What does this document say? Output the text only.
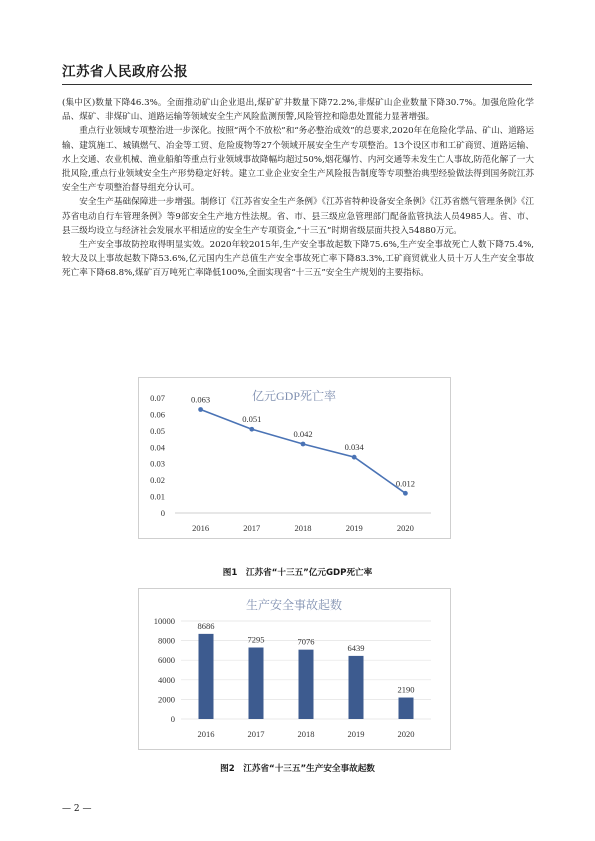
江苏省人民政府公报

(集中区)数量下降46.3%。全面推动矿山企业退出,煤矿矿井数量下降72.2%,非煤矿山企业数量下降30.7%。加强危险化学品、煤矿、非煤矿山、道路运输等领域安全生产风险监测预警,风险管控和隐患处置能力显著增强。

重点行业领域专项整治进一步深化。按照“两个不放松”和“务必整治成效”的总要求,2020年在危险化学品、矿山、道路运输、建筑施工、城镇燃气、冶金等工贸、危险废物等27个领域开展安全生产专项整治。13个设区市和工矿商贸、道路运输、水上交通、农业机械、渔业船舶等重点行业领域事故降幅均超过50%,烟花爆竹、内河交通等未发生亡人事故,防范化解了一大批风险,重点行业领域安全生产形势稳定好转。建立工业企业安全生产风险报告制度等专项整治典型经验做法得到国务院江苏安全生产专项整治督导组充分认可。

安全生产基础保障进一步增强。制修订《江苏省安全生产条例》《江苏省特种设备安全条例》《江苏省燃气管理条例》《江苏省电动自行车管理条例》等9部安全生产地方性法规。省、市、县三级应急管理部门配备监管执法人员4985人。省、市、县三级均设立与经济社会发展水平相适应的安全生产专项资金,“十三五”时期省级层面共投入54880万元。

生产安全事故防控取得明显实效。2020年较2015年,生产安全事故起数下降75.6%,生产安全事故死亡人数下降75.4%,较大及以上事故起数下降53.6%,亿元国内生产总值生产安全事故死亡率下降83.3%,工矿商贸就业人员十万人生产安全事故死亡率下降68.8%,煤矿百万吨死亡率降低100%,全面实现省“十三五”安全生产规划的主要指标。

亿元GDP死亡率
0
0.01
0.02
0.03
0.04
0.05
0.06
0.07
2016	2017	2018	2019	2020
0.063
0.051
0.042
0.034
0.012
图1　江苏省“十三五”亿元GDP死亡率
生产安全事故起数
0
2000
4000
6000
8000
10000	8686
2016
7295
2017
7076
2018
6439
2019
2190
2020
图2　江苏省“十三五”生产安全事故起数
— 2 —
